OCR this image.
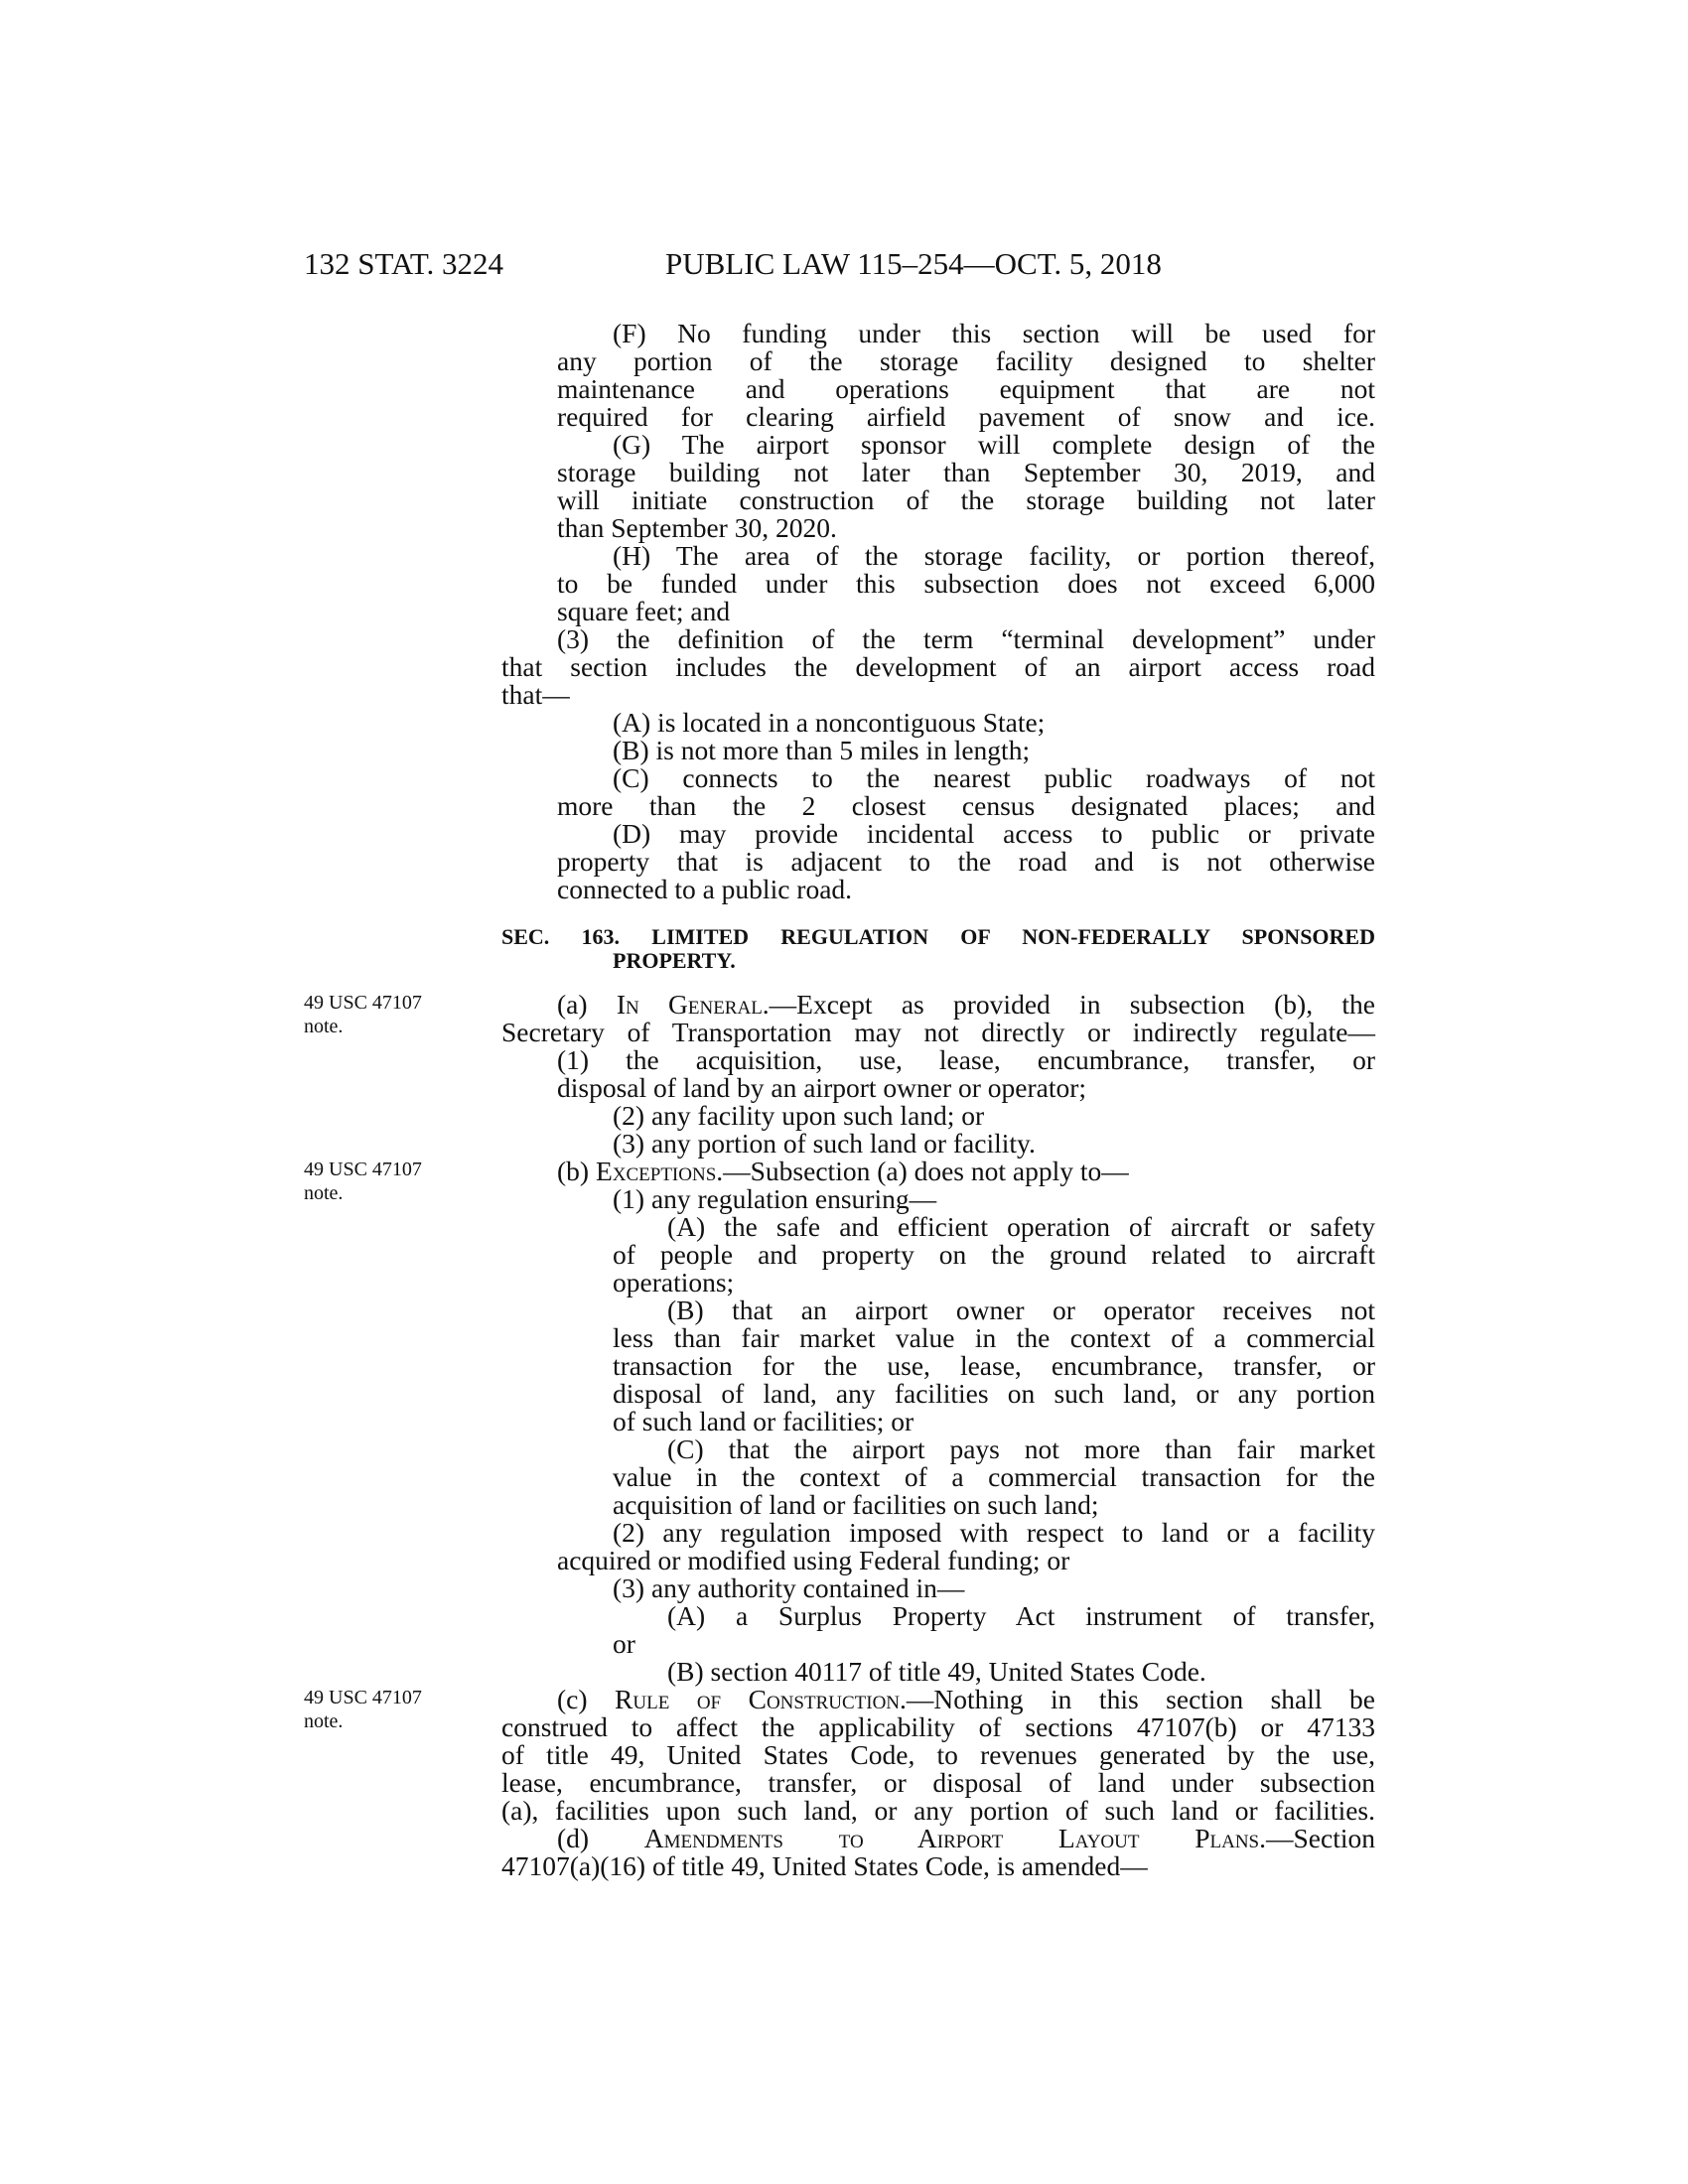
132 STAT. 3224	PUBLIC LAW 115–254—OCT. 5, 2018
(F) No funding under this section will be used for
any portion of the storage facility designed to shelter
maintenance and operations equipment that are not
required for clearing airfield pavement of snow and ice.
(G) The airport sponsor will complete design of the
storage building not later than September 30, 2019, and
will initiate construction of the storage building not later
than September 30, 2020.
(H) The area of the storage facility, or portion thereof,
to be funded under this subsection does not exceed 6,000
square feet; and
(3) the definition of the term “terminal development” under
that section includes the development of an airport access road
that—
(A) is located in a noncontiguous State;
(B) is not more than 5 miles in length;
(C) connects to the nearest public roadways of not
more than the 2 closest census designated places; and
(D) may provide incidental access to public or private
property that is adjacent to the road and is not otherwise
connected to a public road.
SEC. 163. LIMITED REGULATION OF NON-FEDERALLY SPONSORED
PROPERTY.
49 USC 47107
note.
49 USC 47107
note.
49 USC 47107
note.
(a) In General.—Except as provided in subsection (b), the
Secretary of Transportation may not directly or indirectly regulate—
(1) the acquisition, use, lease, encumbrance, transfer, or
disposal of land by an airport owner or operator;
(2) any facility upon such land; or
(3) any portion of such land or facility.
(b) Exceptions.—Subsection (a) does not apply to—
(1) any regulation ensuring—
(A) the safe and efficient operation of aircraft or safety
of people and property on the ground related to aircraft
operations;
(B) that an airport owner or operator receives not
less than fair market value in the context of a commercial
transaction for the use, lease, encumbrance, transfer, or
disposal of land, any facilities on such land, or any portion
of such land or facilities; or
(C) that the airport pays not more than fair market
value in the context of a commercial transaction for the
acquisition of land or facilities on such land;
(2) any regulation imposed with respect to land or a facility
acquired or modified using Federal funding; or
(3) any authority contained in—
(A) a Surplus Property Act instrument of transfer,
or
(B) section 40117 of title 49, United States Code.
(c) Rule of Construction.—Nothing in this section shall be
construed to affect the applicability of sections 47107(b) or 47133
of title 49, United States Code, to revenues generated by the use,
lease, encumbrance, transfer, or disposal of land under subsection
(a), facilities upon such land, or any portion of such land or facilities.
(d) Amendments to Airport Layout Plans.—Section
47107(a)(16) of title 49, United States Code, is amended—
